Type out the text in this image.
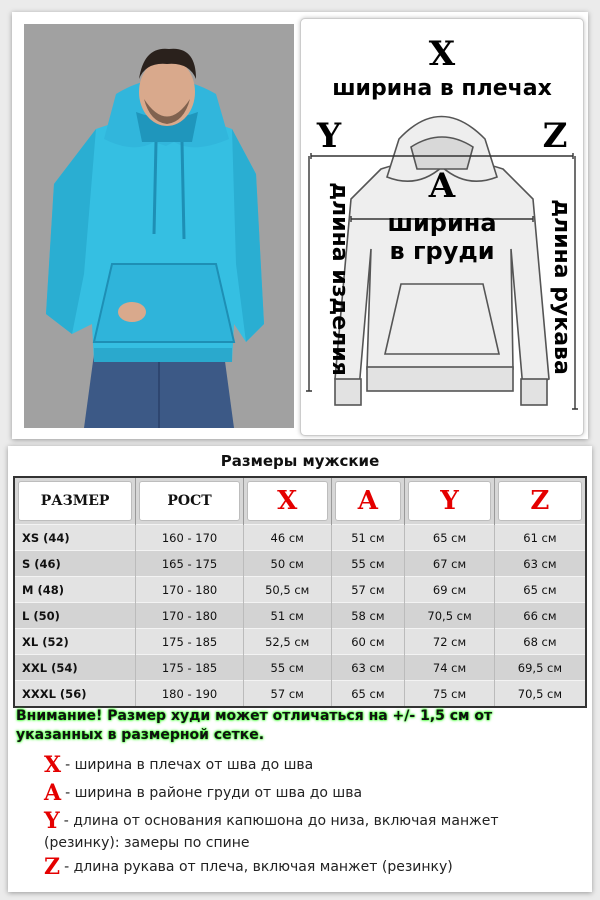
X
Y	Z
A
ширина в плечах
ширина
в груди
длина изделия	длина рукава
Размеры мужские
РАЗМЕР	РОСТ	X	A	Y	Z

XS (44)	160 - 170	46 см	51 см	65 см	61 см
S (46)	165 - 175	50 см	55 см	67 см	63 см
M (48)	170 - 180	50,5 см	57 см	69 см	65 см
L (50)	170 - 180	51 см	58 см	70,5 см	66 см
XL (52)	175 - 185	52,5 см	60 см	72 см	68 см
XXL (54)	175 - 185	55 см	63 см	74 см	69,5 см
XXXL (56)	180 - 190	57 см	65 см	75 см	70,5 см
Внимание! Размер худи может отличаться на +/- 1,5 см от указанных в размерной сетке.
X - ширина в плечах от шва до шва
A - ширина в районе груди от шва до шва
Y - длина от основания капюшона до низа, включая манжет (резинку): замеры по спине
Z - длина рукава от плеча, включая манжет (резинку)
